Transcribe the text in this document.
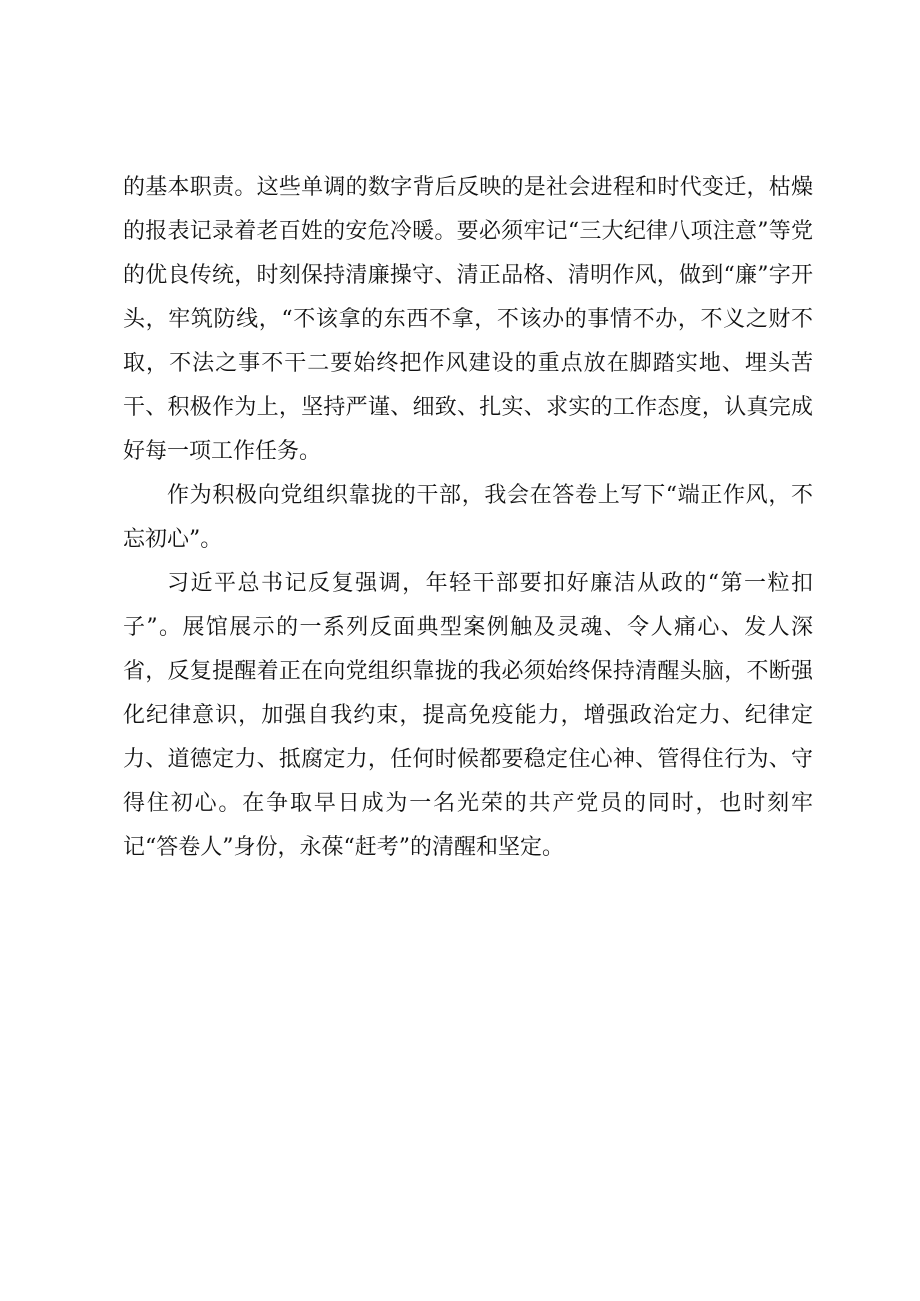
的基本职责。这些单调的数字背后反映的是社会进程和时代变迁，枯燥的报表记录着老百姓的安危冷暖。要必须牢记“三大纪律八项注意”等党的优良传统，时刻保持清廉操守、清正品格、清明作风，做到“廉”字开头，牢筑防线，“不该拿的东西不拿，不该办的事情不办，不义之财不取，不法之事不干二要始终把作风建设的重点放在脚踏实地、埋头苦干、积极作为上，坚持严谨、细致、扎实、求实的工作态度，认真完成好每一项工作任务。

作为积极向党组织靠拢的干部，我会在答卷上写下“端正作风，不忘初心”。

习近平总书记反复强调，年轻干部要扣好廉洁从政的“第一粒扣子”。展馆展示的一系列反面典型案例触及灵魂、令人痛心、发人深省，反复提醒着正在向党组织靠拢的我必须始终保持清醒头脑，不断强化纪律意识，加强自我约束，提高免疫能力，增强政治定力、纪律定力、道德定力、抵腐定力，任何时候都要稳定住心神、管得住行为、守得住初心。在争取早日成为一名光荣的共产党员的同时，也时刻牢记“答卷人”身份，永葆“赶考”的清醒和坚定。
